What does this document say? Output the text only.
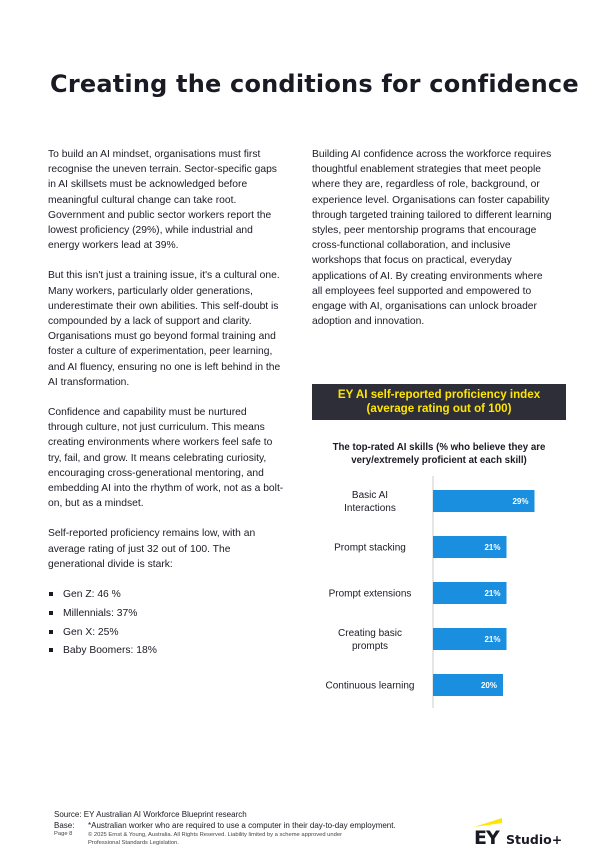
Creating the conditions for confidence

To build an AI mindset, organisations must first recognise the uneven terrain. Sector-specific gaps in AI skillsets must be acknowledged before meaningful cultural change can take root. Government and public sector workers report the lowest proficiency (29%), while industrial and energy workers lead at 39%.

But this isn't just a training issue, it's a cultural one. Many workers, particularly older generations, underestimate their own abilities. This self-doubt is compounded by a lack of support and clarity. Organisations must go beyond formal training and foster a culture of experimentation, peer learning, and AI fluency, ensuring no one is left behind in the AI transformation.

Confidence and capability must be nurtured through culture, not just curriculum. This means creating environments where workers feel safe to try, fail, and grow. It means celebrating curiosity, encouraging cross-generational mentoring, and embedding AI into the rhythm of work, not as a bolt-on, but as a mindset.

Self-reported proficiency remains low, with an average rating of just 32 out of 100. The generational divide is stark:

Gen Z: 46 %
Millennials: 37%
Gen X: 25%
Baby Boomers: 18%

Building AI confidence across the workforce requires thoughtful enablement strategies that meet people where they are, regardless of role, background, or experience level. Organisations can foster capability through targeted training tailored to different learning styles, peer mentorship programs that encourage cross-functional collaboration, and inclusive workshops that focus on practical, everyday applications of AI. By creating environments where all employees feel supported and empowered to engage with AI, organisations can unlock broader adoption and innovation.

EY AI self-reported proficiency index
(average rating out of 100)

The top-rated AI skills (% who believe they are very/extremely proficient at each skill)

29%
Basic AI Interactions
21%
Prompt stacking
21%
Prompt extensions
21%
Creating basic prompts
20%
Continuous learning
Source: EY Australian AI Workforce Blueprint research
Base: *Australian worker who are required to use a computer in their day-to-day employment.
Page 8	© 2025 Ernst & Young, Australia. All Rights Reserved. Liability limited by a scheme approved under Professional Standards Legislation.	EY Studio+
